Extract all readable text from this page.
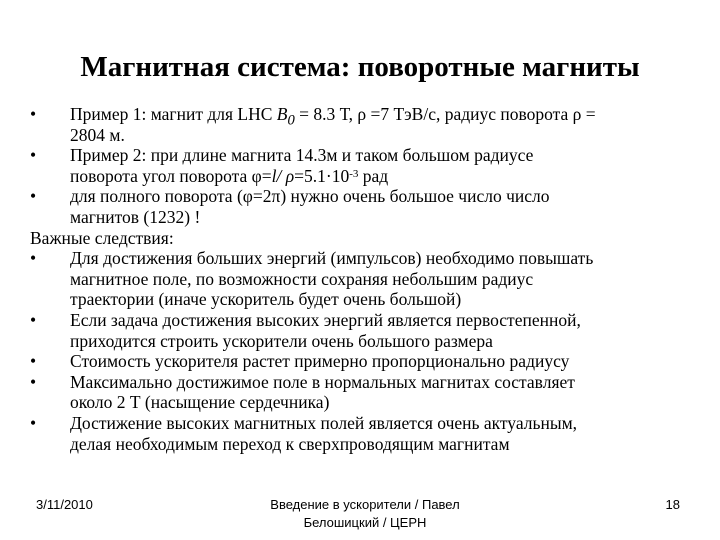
Магнитная система: поворотные магниты
•	Пример 1: магнит для LHC $B_0 = 8.3$ Т, ρ =7 ТэВ/c, радиус поворота ρ =
2804 м.
•	Пример 2: при длине магнита 14.3м и таком большом радиусе
поворота угол поворота φ=l/ $\rho=5.1\cdot 10^{-3}$ рад
•	для полного поворота (φ=2π) нужно очень большое число число
магнитов (1232) !
Важные следствия:
•	Для достижения больших энергий (импульсов) необходимо повышать
магнитное поле, по возможности сохраняя небольшим радиус
траектории (иначе ускоритель будет очень большой)
•	Если задача достижения высоких энергий является первостепенной,
приходится строить ускорители очень большого размера
•	Стоимость ускорителя растет примерно пропорционально радиусу
•	Максимально достижимое поле в нормальных магнитах составляет
около 2 Т (насыщение сердечника)
•	Достижение высоких магнитных полей является очень актуальным,
делая необходимым переход к сверхпроводящим магнитам
3/11/2010	Введение в ускорители / Павел
Белошицкий / ЦЕРН
18
